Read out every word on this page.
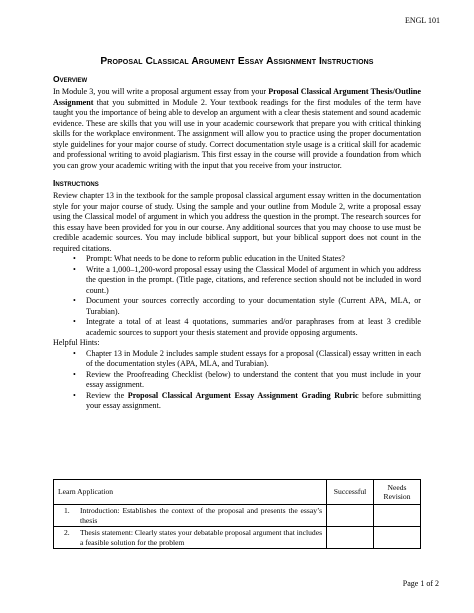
ENGL 101
Proposal Classical Argument Essay Assignment Instructions
Overview

In Module 3, you will write a proposal argument essay from your Proposal Classical Argument Thesis/Outline Assignment that you submitted in Module 2. Your textbook readings for the first modules of the term have taught you the importance of being able to develop an argument with a clear thesis statement and sound academic evidence. These are skills that you will use in your academic coursework that prepare you with critical thinking skills for the workplace environment. The assignment will allow you to practice using the proper documentation style guidelines for your major course of study. Correct documentation style usage is a critical skill for academic and professional writing to avoid plagiarism. This first essay in the course will provide a foundation from which you can grow your academic writing with the input that you receive from your instructor.

Instructions

Review chapter 13 in the textbook for the sample proposal classical argument essay written in the documentation style for your major course of study. Using the sample and your outline from Module 2, write a proposal essay using the Classical model of argument in which you address the question in the prompt. The research sources for this essay have been provided for you in our course. Any additional sources that you may choose to use must be credible academic sources. You may include biblical support, but your biblical support does not count in the required citations.

• Prompt: What needs to be done to reform public education in the United States?
• Write a 1,000–1,200-word proposal essay using the Classical Model of argument in which you address the question in the prompt. (Title page, citations, and reference section should not be included in word count.)
• Document your sources correctly according to your documentation style (Current APA, MLA, or Turabian).
• Integrate a total of at least 4 quotations, summaries and/or paraphrases from at least 3 credible academic sources to support your thesis statement and provide opposing arguments.

Helpful Hints:

• Chapter 13 in Module 2 includes sample student essays for a proposal (Classical) essay written in each of the documentation styles (APA, MLA, and Turabian).
• Review the Proofreading Checklist (below) to understand the content that you must include in your essay assignment.
• Review the Proposal Classical Argument Essay Assignment Grading Rubric before submitting your essay assignment.
Learn Application	Successful	Needs Revision

1. Introduction: Establishes the context of the proposal and presents the essay’s thesis		

2. Thesis statement: Clearly states your debatable proposal argument that includes a feasible solution for the problem		

Page 1 of 2
